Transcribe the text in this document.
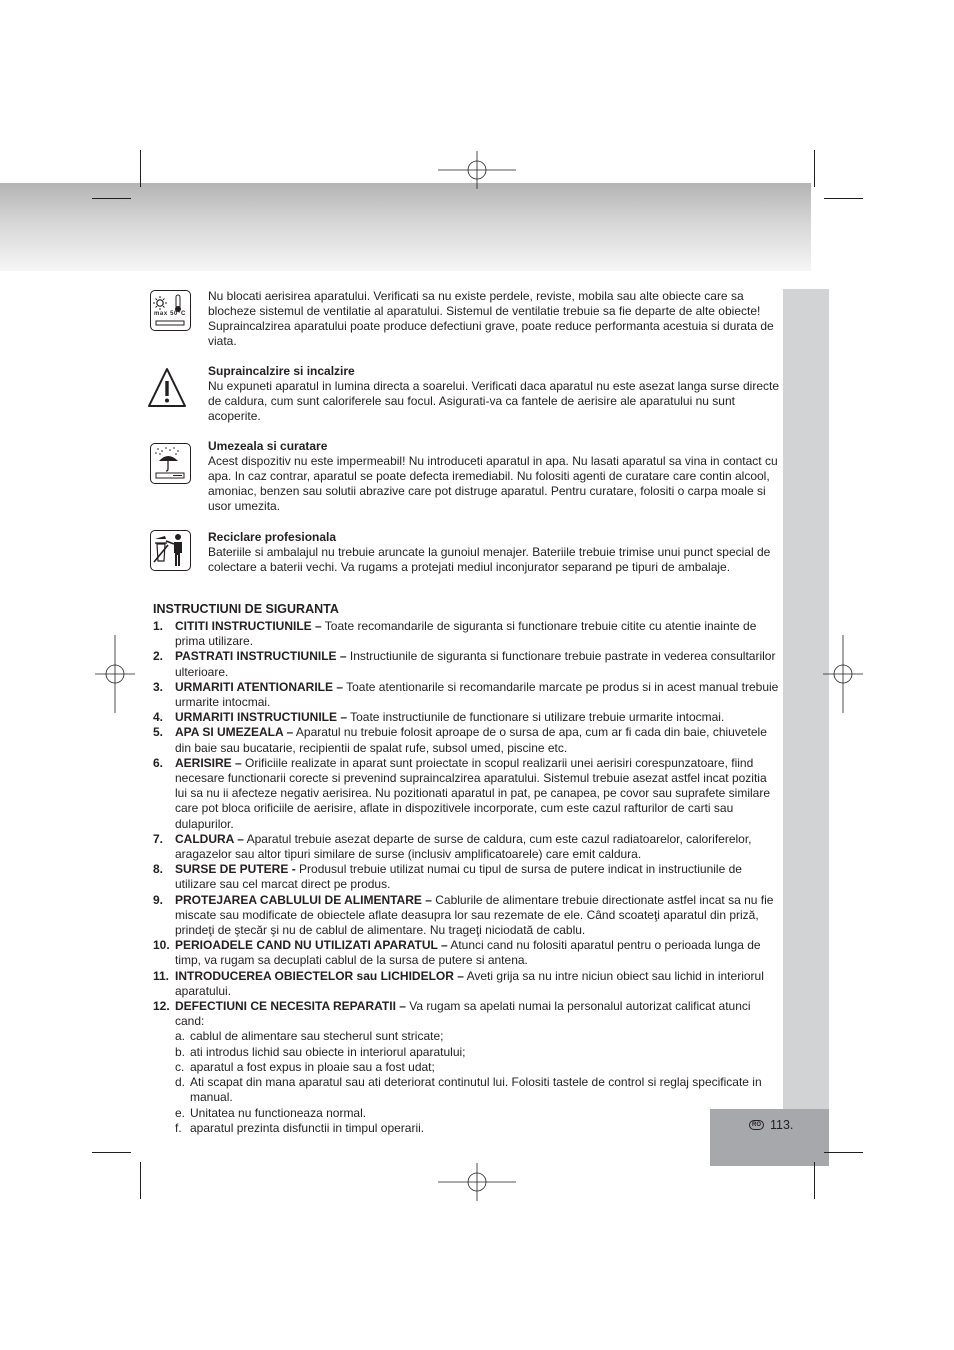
RO 113.
max 50°C
Nu blocati aerisirea aparatului. Verificati sa nu existe perdele, reviste, mobila sau alte obiecte care sa blocheze sistemul de ventilatie al aparatului. Sistemul de ventilatie trebuie sa fie departe de alte obiecte! Supraincalzirea aparatului poate produce defectiuni grave, poate reduce performanta acestuia si durata de viata.
Supraincalzire si incalzire
Nu expuneti aparatul in lumina directa a soarelui. Verificati daca aparatul nu este asezat langa surse directe de caldura, cum sunt caloriferele sau focul. Asigurati-va ca fantele de aerisire ale aparatului nu sunt acoperite.
Umezeala si curatare
Acest dispozitiv nu este impermeabil! Nu introduceti aparatul in apa. Nu lasati aparatul sa vina in contact cu apa. In caz contrar, aparatul se poate defecta iremediabil. Nu folositi agenti de curatare care contin alcool, amoniac, benzen sau solutii abrazive care pot distruge aparatul. Pentru curatare, folositi o carpa moale si usor umezita.
Reciclare profesionala
Bateriile si ambalajul nu trebuie aruncate la gunoiul menajer. Bateriile trebuie trimise unui punct special de colectare a baterii vechi. Va rugams a protejati mediul inconjurator separand pe tipuri de ambalaje.
INSTRUCTIUNI DE SIGURANTA
1. CITITI INSTRUCTIUNILE – Toate recomandarile de siguranta si functionare trebuie citite cu atentie inainte de prima utilizare.
2. PASTRATI INSTRUCTIUNILE – Instructiunile de siguranta si functionare trebuie pastrate in vederea consultarilor ulterioare.
3. URMARITI ATENTIONARILE – Toate atentionarile si recomandarile marcate pe produs si in acest manual trebuie urmarite intocmai.
4. URMARITI INSTRUCTIUNILE – Toate instructiunile de functionare si utilizare trebuie urmarite intocmai.
5. APA SI UMEZEALA – Aparatul nu trebuie folosit aproape de o sursa de apa, cum ar fi cada din baie, chiuvetele din baie sau bucatarie, recipientii de spalat rufe, subsol umed, piscine etc.
6. AERISIRE – Orificiile realizate in aparat sunt proiectate in scopul realizarii unei aerisiri corespunzatoare, fiind necesare functionarii corecte si prevenind supraincalzirea aparatului. Sistemul trebuie asezat astfel incat pozitia lui sa nu ii afecteze negativ aerisirea. Nu pozitionati aparatul in pat, pe canapea, pe covor sau suprafete similare care pot bloca orificiile de aerisire, aflate in dispozitivele incorporate, cum este cazul rafturilor de carti sau dulapurilor.
7. CALDURA – Aparatul trebuie asezat departe de surse de caldura, cum este cazul radiatoarelor, caloriferelor, aragazelor sau altor tipuri similare de surse (inclusiv amplificatoarele) care emit caldura.
8. SURSE DE PUTERE - Produsul trebuie utilizat numai cu tipul de sursa de putere indicat in instructiunile de utilizare sau cel marcat direct pe produs.
9. PROTEJAREA CABLULUI DE ALIMENTARE – Cablurile de alimentare trebuie directionate astfel incat sa nu fie miscate sau modificate de obiectele aflate deasupra lor sau rezemate de ele. Când scoateţi aparatul din priză, prindeţi de ştecăr şi nu de cablul de alimentare. Nu trageţi niciodată de cablu.
10. PERIOADELE CAND NU UTILIZATI APARATUL – Atunci cand nu folositi aparatul pentru o perioada lunga de timp, va rugam sa decuplati cablul de la sursa de putere si antena.
11. INTRODUCEREA OBIECTELOR sau LICHIDELOR – Aveti grija sa nu intre niciun obiect sau lichid in interiorul aparatului.
12. DEFECTIUNI CE NECESITA REPARATII – Va rugam sa apelati numai la personalul autorizat calificat atunci cand:
a. cablul de alimentare sau stecherul sunt stricate;
b. ati introdus lichid sau obiecte in interiorul aparatului;
c. aparatul a fost expus in ploaie sau a fost udat;
d. Ati scapat din mana aparatul sau ati deteriorat continutul lui. Folositi tastele de control si reglaj specificate in manual.
e. Unitatea nu functioneaza normal.
f. aparatul prezinta disfunctii in timpul operarii.
